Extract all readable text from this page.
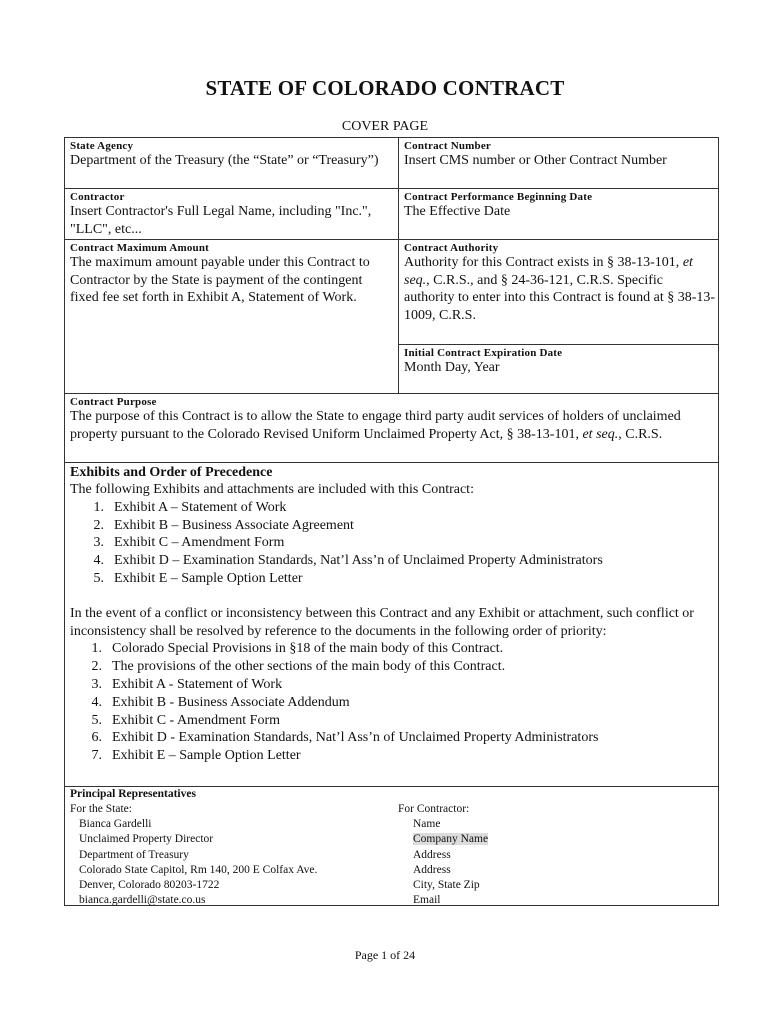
STATE OF COLORADO CONTRACT
COVER PAGE
State Agency
Department of the Treasury (the “State” or “Treasury”)
Contract Number
Insert CMS number or Other Contract Number
Contractor
Insert Contractor's Full Legal Name, including "Inc.", "LLC", etc...
Contract Performance Beginning Date
The Effective Date
Contract Maximum Amount
The maximum amount payable under this Contract to Contractor by the State is payment of the contingent fixed fee set forth in Exhibit A, Statement of Work.
Contract Authority
Authority for this Contract exists in § 38-13-101, et seq., C.R.S., and § 24-36-121, C.R.S. Specific authority to enter into this Contract is found at § 38-13-1009, C.R.S.
Initial Contract Expiration Date
Month Day, Year
Contract Purpose
The purpose of this Contract is to allow the State to engage third party audit services of holders of unclaimed property pursuant to the Colorado Revised Uniform Unclaimed Property Act, § 38-13-101, et seq., C.R.S.
Exhibits and Order of Precedence
The following Exhibits and attachments are included with this Contract:
1. Exhibit A – Statement of Work
2. Exhibit B – Business Associate Agreement
3. Exhibit C – Amendment Form
4. Exhibit D – Examination Standards, Nat’l Ass’n of Unclaimed Property Administrators
5. Exhibit E – Sample Option Letter
In the event of a conflict or inconsistency between this Contract and any Exhibit or attachment, such conflict or inconsistency shall be resolved by reference to the documents in the following order of priority:
1. Colorado Special Provisions in §18 of the main body of this Contract.
2. The provisions of the other sections of the main body of this Contract.
3. Exhibit A - Statement of Work
4. Exhibit B - Business Associate Addendum
5. Exhibit C - Amendment Form
6. Exhibit D - Examination Standards, Nat’l Ass’n of Unclaimed Property Administrators
7. Exhibit E – Sample Option Letter
Principal Representatives
For the State:
Bianca Gardelli
Unclaimed Property Director
Department of Treasury
Colorado State Capitol, Rm 140, 200 E Colfax Ave.
Denver, Colorado 80203-1722
bianca.gardelli@state.co.us
For Contractor:
Name
Company Name
Address
Address
City, State Zip
Email
Page 1 of 24
